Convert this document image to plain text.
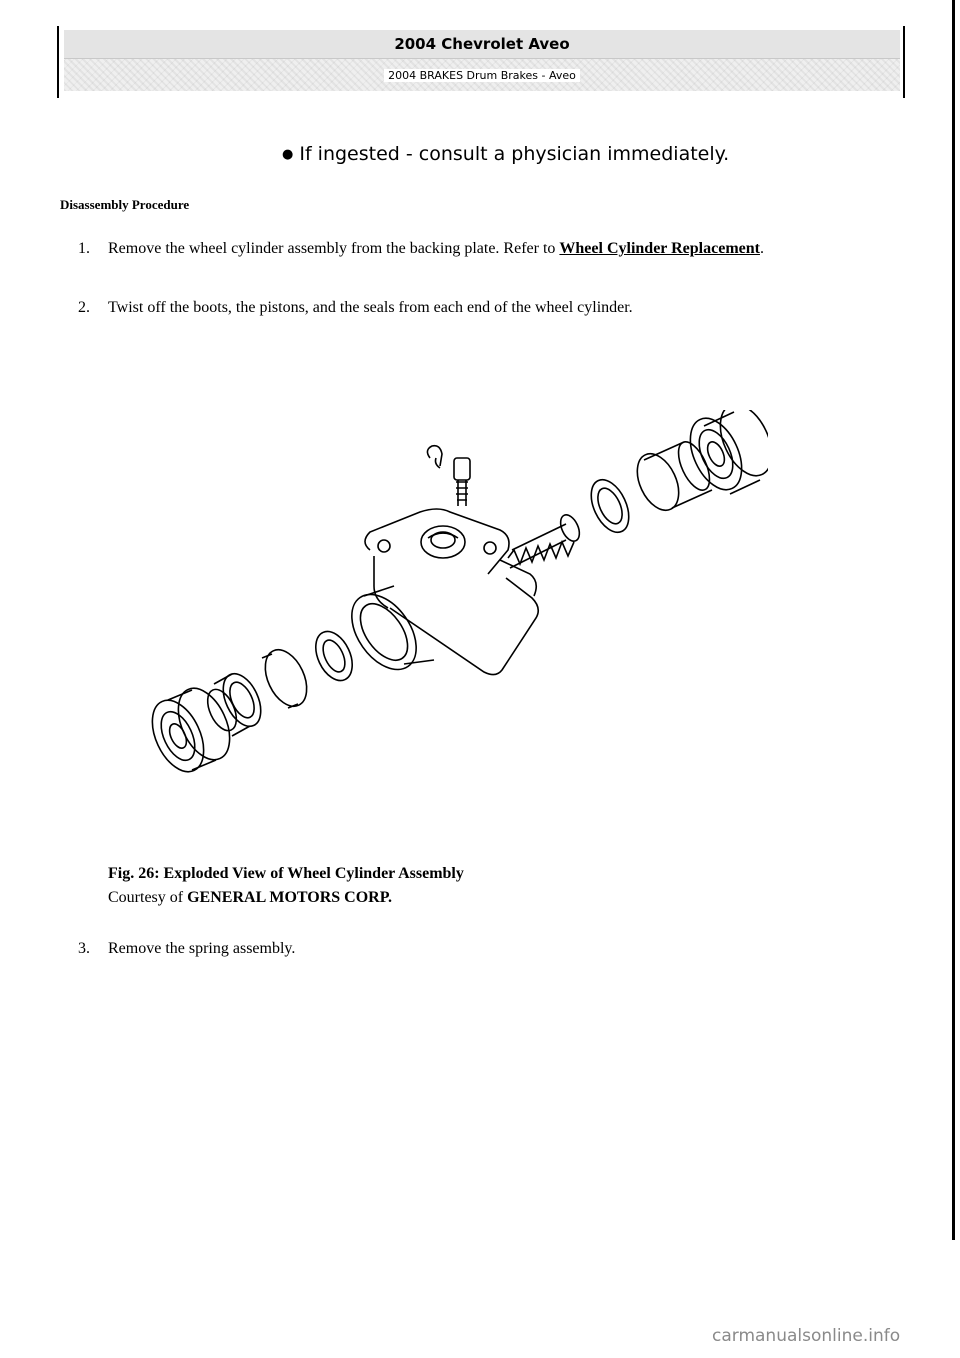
2004 Chevrolet Aveo
2004 BRAKES Drum Brakes - Aveo
● If ingested - consult a physician immediately.
Disassembly Procedure
1. Remove the wheel cylinder assembly from the backing plate. Refer to Wheel Cylinder Replacement.
2. Twist off the boots, the pistons, and the seals from each end of the wheel cylinder.
Fig. 26: Exploded View of Wheel Cylinder Assembly
Courtesy of GENERAL MOTORS CORP.
3. Remove the spring assembly.
carmanualsonline.info
